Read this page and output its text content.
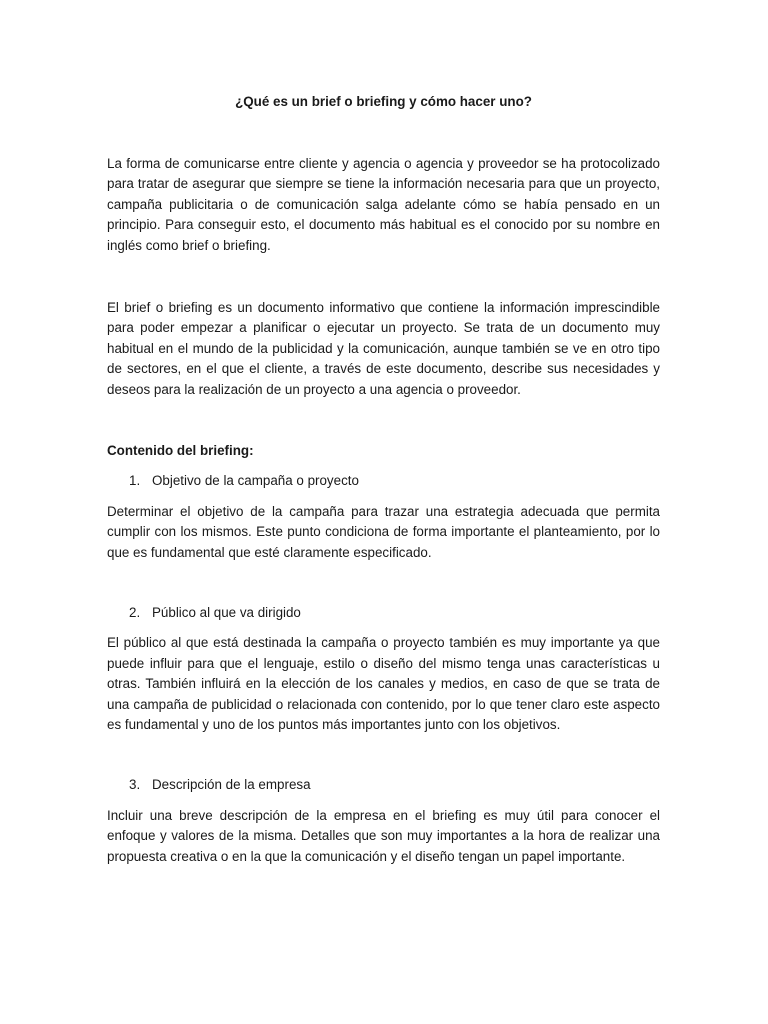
¿Qué es un brief o briefing y cómo hacer uno?

La forma de comunicarse entre cliente y agencia o agencia y proveedor se ha protocolizado para tratar de asegurar que siempre se tiene la información necesaria para que un proyecto, campaña publicitaria o de comunicación salga adelante cómo se había pensado en un principio. Para conseguir esto, el documento más habitual es el conocido por su nombre en inglés como brief o briefing.

El brief o briefing es un documento informativo que contiene la información imprescindible para poder empezar a planificar o ejecutar un proyecto. Se trata de un documento muy habitual en el mundo de la publicidad y la comunicación, aunque también se ve en otro tipo de sectores, en el que el cliente, a través de este documento, describe sus necesidades y deseos para la realización de un proyecto a una agencia o proveedor.

Contenido del briefing:

1. Objetivo de la campaña o proyecto

Determinar el objetivo de la campaña para trazar una estrategia adecuada que permita cumplir con los mismos. Este punto condiciona de forma importante el planteamiento, por lo que es fundamental que esté claramente especificado.

2. Público al que va dirigido

El público al que está destinada la campaña o proyecto también es muy importante ya que puede influir para que el lenguaje, estilo o diseño del mismo tenga unas características u otras. También influirá en la elección de los canales y medios, en caso de que se trata de una campaña de publicidad o relacionada con contenido, por lo que tener claro este aspecto es fundamental y uno de los puntos más importantes junto con los objetivos.

3. Descripción de la empresa

Incluir una breve descripción de la empresa en el briefing es muy útil para conocer el enfoque y valores de la misma. Detalles que son muy importantes a la hora de realizar una propuesta creativa o en la que la comunicación y el diseño tengan un papel importante.
